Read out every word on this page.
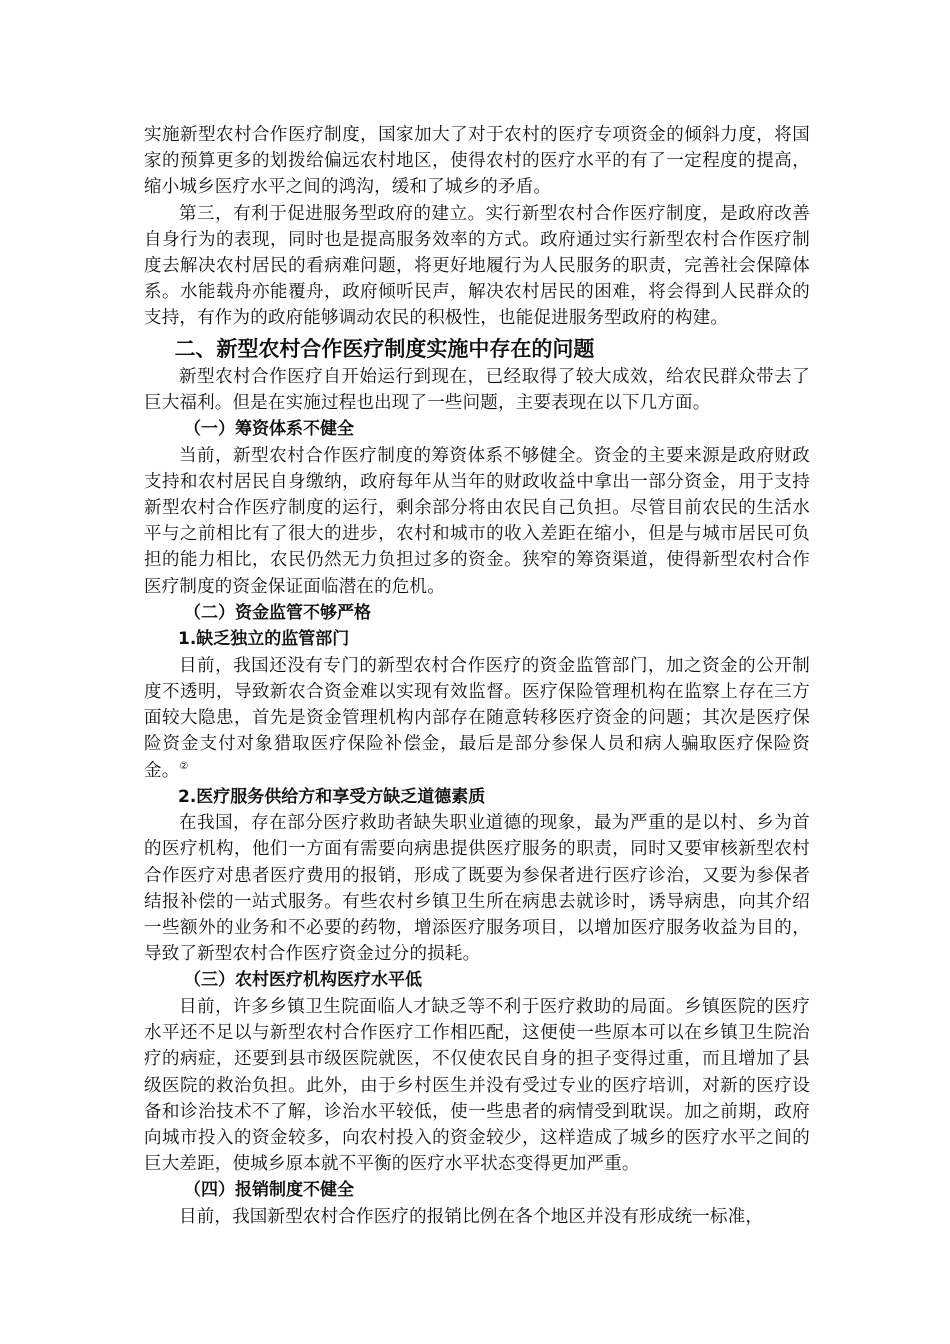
实施新型农村合作医疗制度，国家加大了对于农村的医疗专项资金的倾斜力度，将国家的预算更多的划拨给偏远农村地区，使得农村的医疗水平的有了一定程度的提高，缩小城乡医疗水平之间的鸿沟，缓和了城乡的矛盾。

第三，有利于促进服务型政府的建立。实行新型农村合作医疗制度，是政府改善自身行为的表现，同时也是提高服务效率的方式。政府通过实行新型农村合作医疗制度去解决农村居民的看病难问题，将更好地履行为人民服务的职责，完善社会保障体系。水能载舟亦能覆舟，政府倾听民声，解决农村居民的困难，将会得到人民群众的支持，有作为的政府能够调动农民的积极性，也能促进服务型政府的构建。

二、新型农村合作医疗制度实施中存在的问题

新型农村合作医疗自开始运行到现在，已经取得了较大成效，给农民群众带去了巨大福利。但是在实施过程也出现了一些问题，主要表现在以下几方面。

（一）筹资体系不健全

当前，新型农村合作医疗制度的筹资体系不够健全。资金的主要来源是政府财政支持和农村居民自身缴纳，政府每年从当年的财政收益中拿出一部分资金，用于支持新型农村合作医疗制度的运行，剩余部分将由农民自己负担。尽管目前农民的生活水平与之前相比有了很大的进步，农村和城市的收入差距在缩小，但是与城市居民可负担的能力相比，农民仍然无力负担过多的资金。狭窄的筹资渠道，使得新型农村合作医疗制度的资金保证面临潜在的危机。

（二）资金监管不够严格
1.缺乏独立的监管部门

目前，我国还没有专门的新型农村合作医疗的资金监管部门，加之资金的公开制度不透明，导致新农合资金难以实现有效监督。医疗保险管理机构在监察上存在三方面较大隐患，首先是资金管理机构内部存在随意转移医疗资金的问题；其次是医疗保险资金支付对象猎取医疗保险补偿金，最后是部分参保人员和病人骗取医疗保险资金。②

2.医疗服务供给方和享受方缺乏道德素质

在我国，存在部分医疗救助者缺失职业道德的现象，最为严重的是以村、乡为首的医疗机构，他们一方面有需要向病患提供医疗服务的职责，同时又要审核新型农村合作医疗对患者医疗费用的报销，形成了既要为参保者进行医疗诊治，又要为参保者结报补偿的一站式服务。有些农村乡镇卫生所在病患去就诊时，诱导病患，向其介绍一些额外的业务和不必要的药物，增添医疗服务项目，以增加医疗服务收益为目的，导致了新型农村合作医疗资金过分的损耗。

（三）农村医疗机构医疗水平低

目前，许多乡镇卫生院面临人才缺乏等不利于医疗救助的局面。乡镇医院的医疗水平还不足以与新型农村合作医疗工作相匹配，这便使一些原本可以在乡镇卫生院治疗的病症，还要到县市级医院就医，不仅使农民自身的担子变得过重，而且增加了县级医院的救治负担。此外，由于乡村医生并没有受过专业的医疗培训，对新的医疗设备和诊治技术不了解，诊治水平较低，使一些患者的病情受到耽误。加之前期，政府向城市投入的资金较多，向农村投入的资金较少，这样造成了城乡的医疗水平之间的巨大差距，使城乡原本就不平衡的医疗水平状态变得更加严重。

（四）报销制度不健全

目前，我国新型农村合作医疗的报销比例在各个地区并没有形成统一标准，
